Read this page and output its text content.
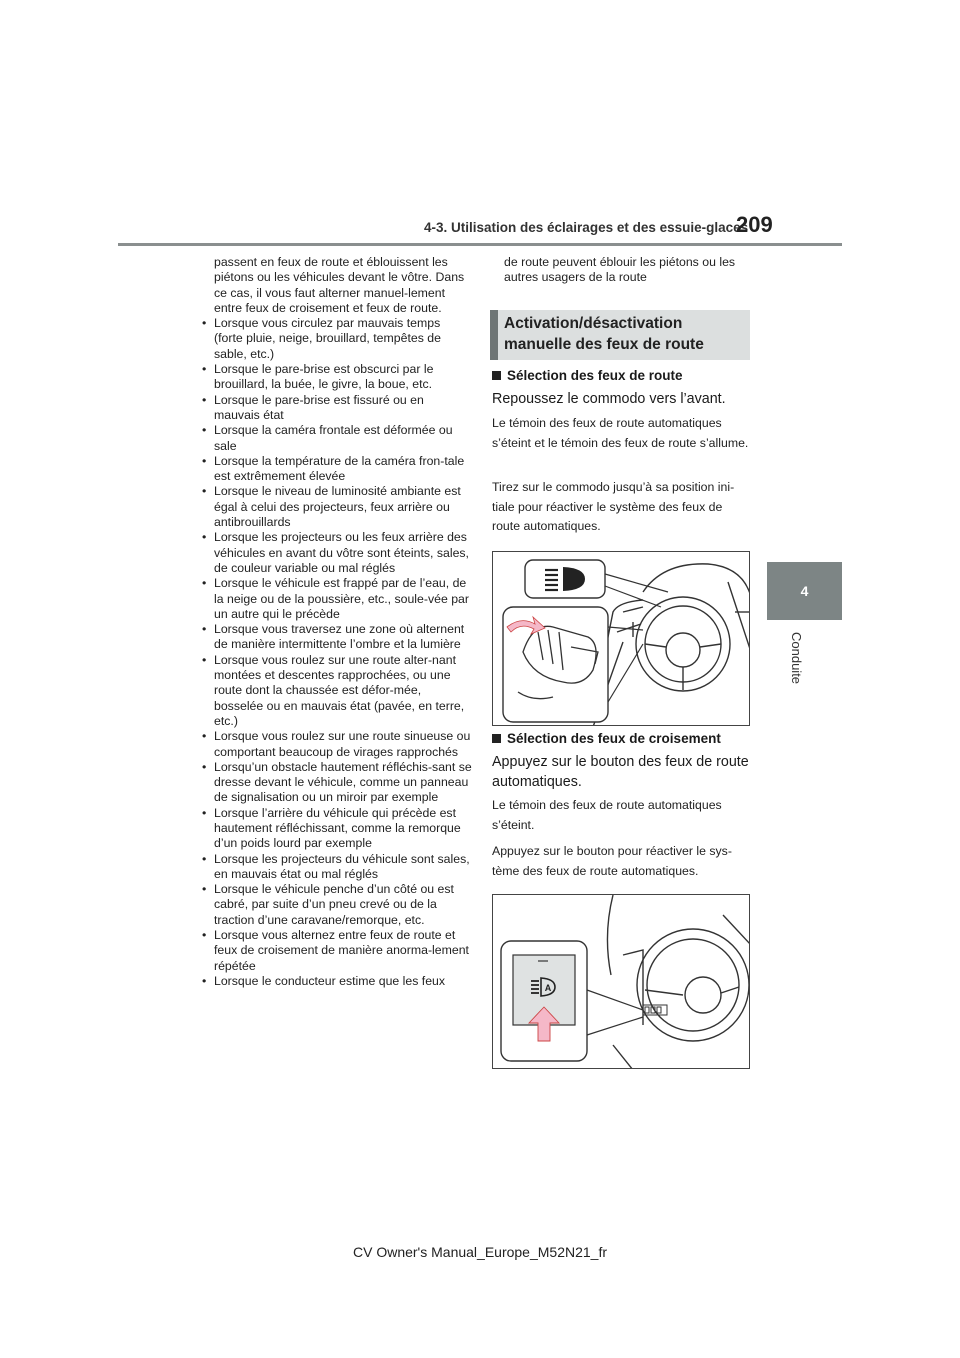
4-3. Utilisation des éclairages et des essuie-glaces
209
4
Conduite

passent en feux de route et éblouissent les piétons ou les véhicules devant le vôtre. Dans ce cas, il vous faut alterner manuel-lement entre feux de croisement et feux de route.

• Lorsque vous circulez par mauvais temps (forte pluie, neige, brouillard, tempêtes de sable, etc.)
• Lorsque le pare-brise est obscurci par le brouillard, la buée, le givre, la boue, etc.
• Lorsque le pare-brise est fissuré ou en mauvais état
• Lorsque la caméra frontale est déformée ou sale
• Lorsque la température de la caméra fron-tale est extrêmement élevée
• Lorsque le niveau de luminosité ambiante est égal à celui des projecteurs, feux arrière ou antibrouillards
• Lorsque les projecteurs ou les feux arrière des véhicules en avant du vôtre sont éteints, sales, de couleur variable ou mal réglés
• Lorsque le véhicule est frappé par de l’eau, de la neige ou de la poussière, etc., soule-vée par un autre qui le précède
• Lorsque vous traversez une zone où alternent de manière intermittente l’ombre et la lumière
• Lorsque vous roulez sur une route alter-nant montées et descentes rapprochées, ou une route dont la chaussée est défor-mée, bosselée ou en mauvais état (pavée, en terre, etc.)
• Lorsque vous roulez sur une route sinueuse ou comportant beaucoup de virages rapprochés
• Lorsqu’un obstacle hautement réfléchis-sant se dresse devant le véhicule, comme un panneau de signalisation ou un miroir par exemple
• Lorsque l’arrière du véhicule qui précède est hautement réfléchissant, comme la remorque d’un poids lourd par exemple
• Lorsque les projecteurs du véhicule sont sales, en mauvais état ou mal réglés
• Lorsque le véhicule penche d’un côté ou est cabré, par suite d’un pneu crevé ou de la traction d’une caravane/remorque, etc.
• Lorsque vous alternez entre feux de route et feux de croisement de manière anorma-lement répétée
• Lorsque le conducteur estime que les feux

de route peuvent éblouir les piétons ou les autres usagers de la route

Activation/désactivation
manuelle des feux de route
Sélection des feux de route
Repoussez le commodo vers l’avant.
Le témoin des feux de route automatiques s’éteint et le témoin des feux de route s’allume.
Tirez sur le commodo jusqu’à sa position ini-tiale pour réactiver le système des feux de route automatiques.
Sélection des feux de croisement
Appuyez sur le bouton des feux de route automatiques.
Le témoin des feux de route automatiques s’éteint.
Appuyez sur le bouton pour réactiver le sys-tème des feux de route automatiques.
A
CV Owner's Manual_Europe_M52N21_fr
